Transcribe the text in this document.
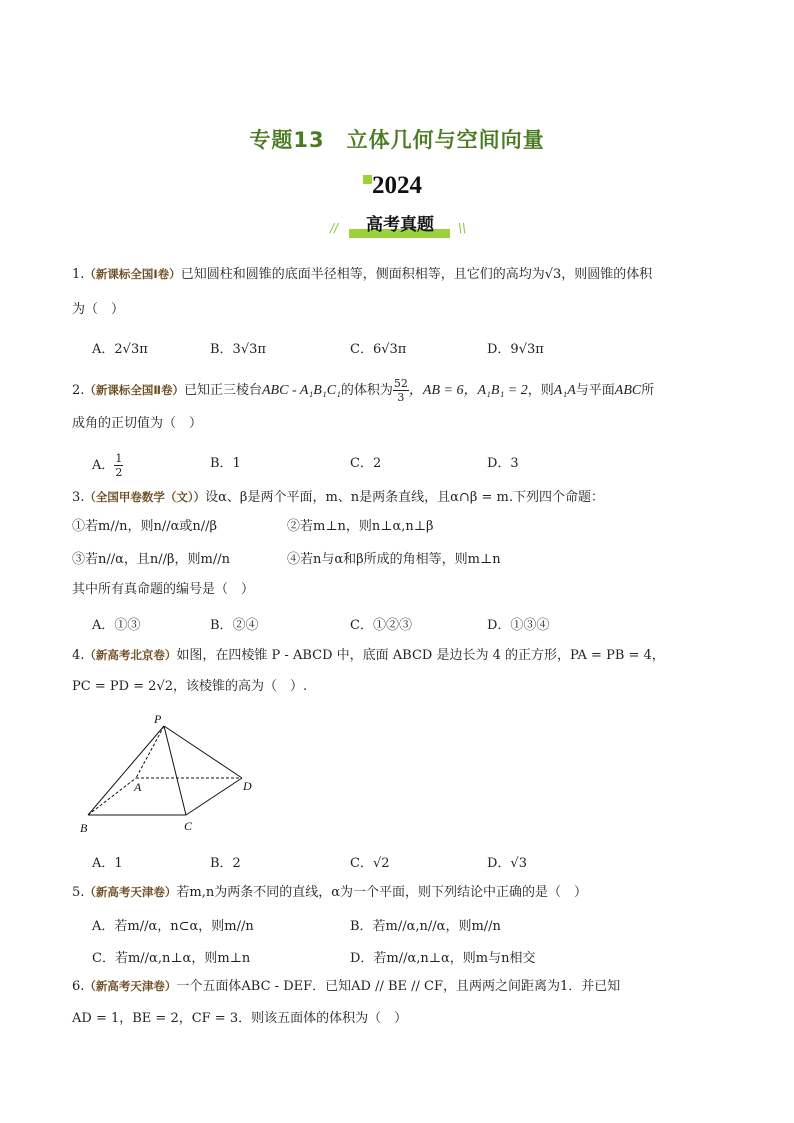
专题13　立体几何与空间向量
2024
//	高考真题	\\
1.（新课标全国Ⅰ卷）已知圆柱和圆锥的底面半径相等，侧面积相等，且它们的高均为√3，则圆锥的体积
为（　）
A．2√3π	B．3√3π	C．6√3π	D．9√3π
2.（新课标全国Ⅱ卷）已知正三棱台ABC - A₁B₁C₁的体积为 $\frac{52}{3}$ ，AB = 6，A₁B₁ = 2，则A₁A与平面ABC所
成角的正切值为（　）
A． $\frac{1}{2}$	B．1	C．2	D．3
3.（全国甲卷数学（文））设α、β是两个平面，m、n是两条直线，且α∩β = m.下列四个命题：
①若m//n，则n//α或n//β	②若m⊥n，则n⊥α,n⊥β
③若n//α，且n//β，则m//n	④若n与α和β所成的角相等，则m⊥n
其中所有真命题的编号是（　）
A．①③	B．②④	C．①②③	D．①③④
4.（新高考北京卷）如图，在四棱锥 P - ABCD 中，底面 ABCD 是边长为 4 的正方形，PA = PB = 4，
PC = PD = 2√2，该棱锥的高为（　）.
P
A
B	C
D
A．1	B．2	C．√2	D．√3
5.（新高考天津卷）若m,n为两条不同的直线，α为一个平面，则下列结论中正确的是（　）
A．若m//α，n⊂α，则m//n	B．若m//α,n//α，则m//n
C．若m//α,n⊥α，则m⊥n	D．若m//α,n⊥α，则m与n相交
6.（新高考天津卷）一个五面体ABC - DEF．已知AD // BE // CF，且两两之间距离为1．并已知
AD = 1，BE = 2，CF = 3．则该五面体的体积为（　）
